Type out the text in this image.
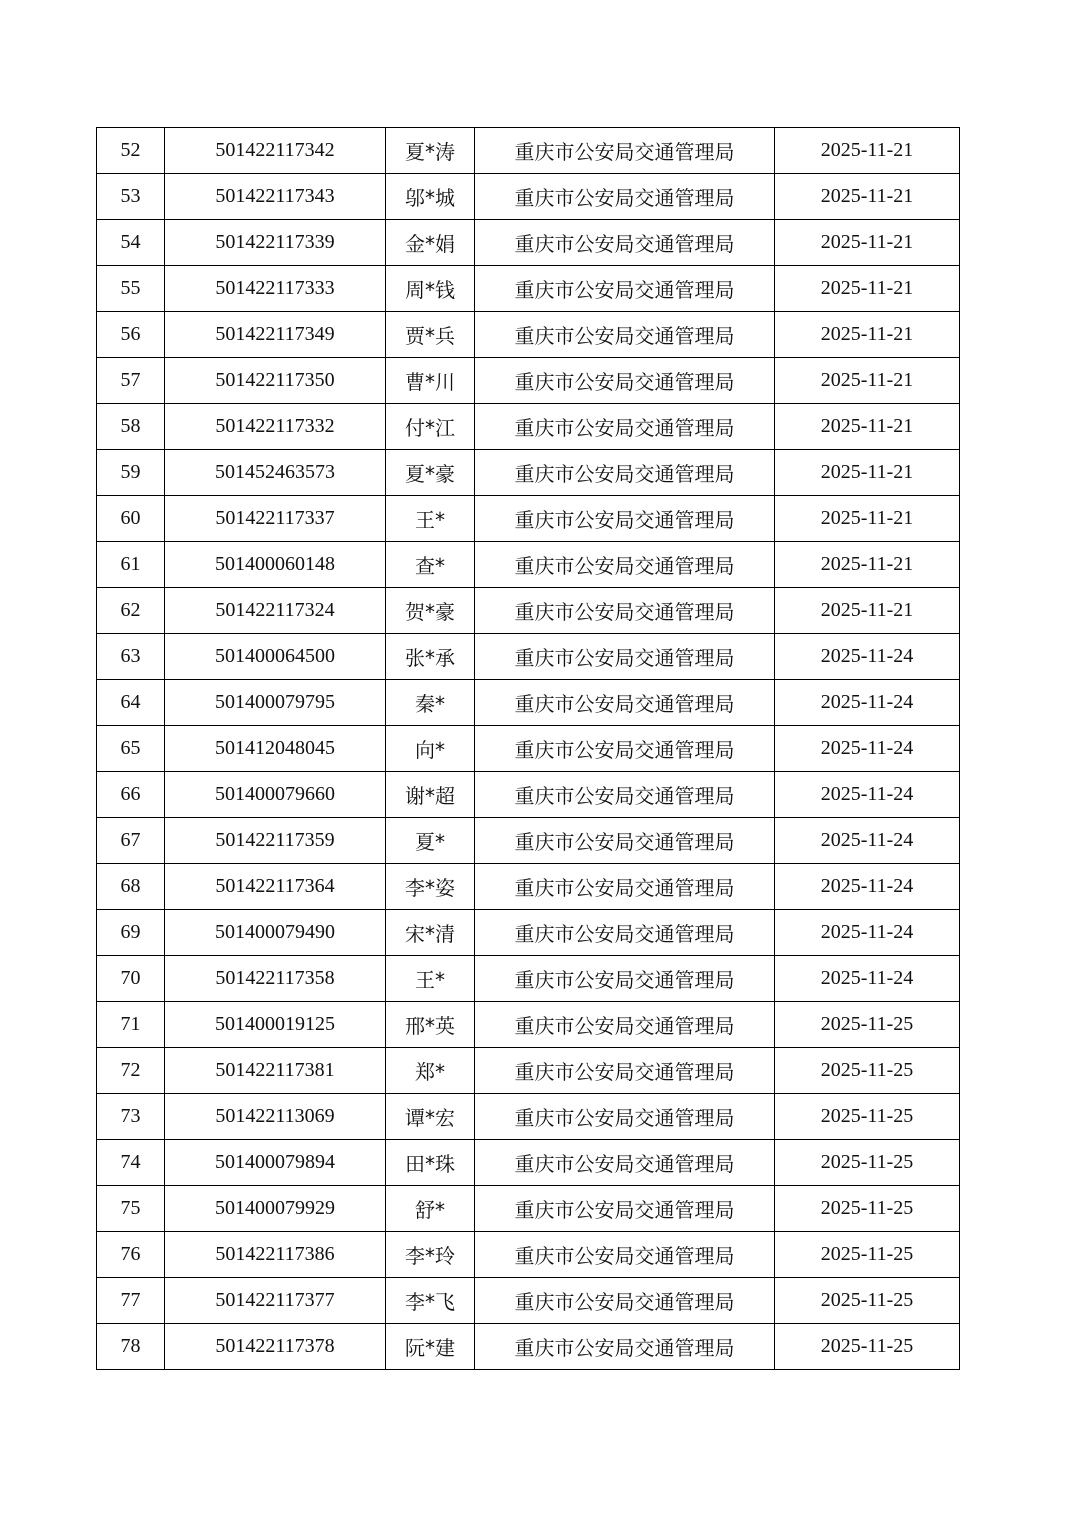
52	501422117342	夏*涛	重庆市公安局交通管理局	2025-11-21
53	501422117343	邬*城	重庆市公安局交通管理局	2025-11-21
54	501422117339	金*娟	重庆市公安局交通管理局	2025-11-21
55	501422117333	周*钱	重庆市公安局交通管理局	2025-11-21
56	501422117349	贾*兵	重庆市公安局交通管理局	2025-11-21
57	501422117350	曹*川	重庆市公安局交通管理局	2025-11-21
58	501422117332	付*江	重庆市公安局交通管理局	2025-11-21
59	501452463573	夏*豪	重庆市公安局交通管理局	2025-11-21
60	501422117337	王*	重庆市公安局交通管理局	2025-11-21
61	501400060148	查*	重庆市公安局交通管理局	2025-11-21
62	501422117324	贺*豪	重庆市公安局交通管理局	2025-11-21
63	501400064500	张*承	重庆市公安局交通管理局	2025-11-24
64	501400079795	秦*	重庆市公安局交通管理局	2025-11-24
65	501412048045	向*	重庆市公安局交通管理局	2025-11-24
66	501400079660	谢*超	重庆市公安局交通管理局	2025-11-24
67	501422117359	夏*	重庆市公安局交通管理局	2025-11-24
68	501422117364	李*姿	重庆市公安局交通管理局	2025-11-24
69	501400079490	宋*清	重庆市公安局交通管理局	2025-11-24
70	501422117358	王*	重庆市公安局交通管理局	2025-11-24
71	501400019125	邢*英	重庆市公安局交通管理局	2025-11-25
72	501422117381	郑*	重庆市公安局交通管理局	2025-11-25
73	501422113069	谭*宏	重庆市公安局交通管理局	2025-11-25
74	501400079894	田*珠	重庆市公安局交通管理局	2025-11-25
75	501400079929	舒*	重庆市公安局交通管理局	2025-11-25
76	501422117386	李*玲	重庆市公安局交通管理局	2025-11-25
77	501422117377	李*飞	重庆市公安局交通管理局	2025-11-25
78	501422117378	阮*建	重庆市公安局交通管理局	2025-11-25
